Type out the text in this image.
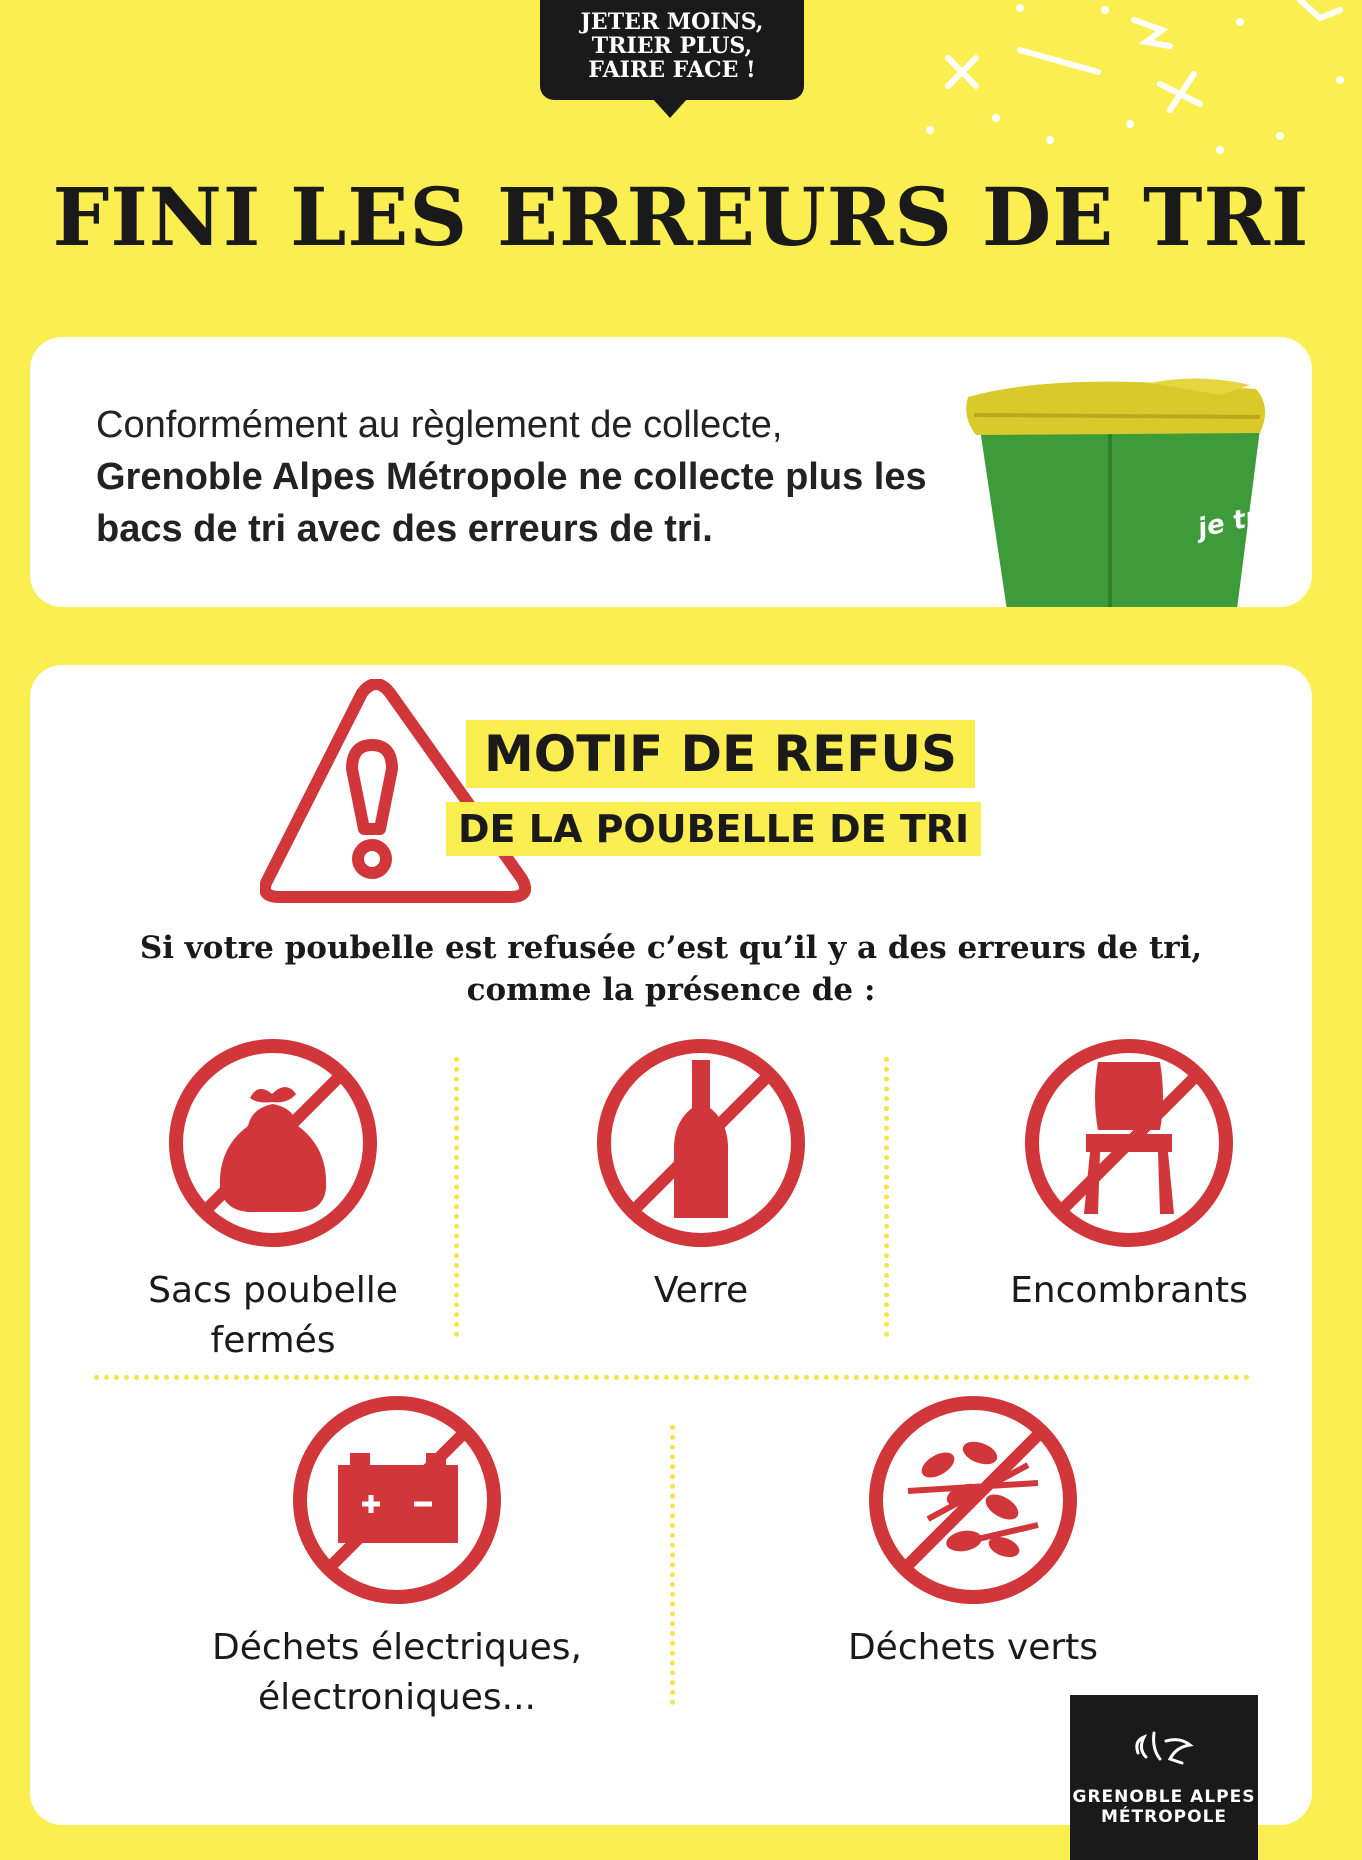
JETER MOINS,
TRIER PLUS,
FAIRE FACE !
FINI LES ERREURS DE TRI
Conformément au règlement de collecte,
Grenoble Alpes Métropole ne collecte plus les bacs de tri avec des erreurs de tri.	je trie
MOTIF DE REFUS
DE LA POUBELLE DE TRI

Si votre poubelle est refusée c’est qu’il y a des erreurs de tri,
comme la présence de :

Sacs poubelle
fermés
Verre	Encombrants
Déchets électriques,
électroniques...
Déchets verts
GRENOBLE ALPES
MÉTROPOLE
